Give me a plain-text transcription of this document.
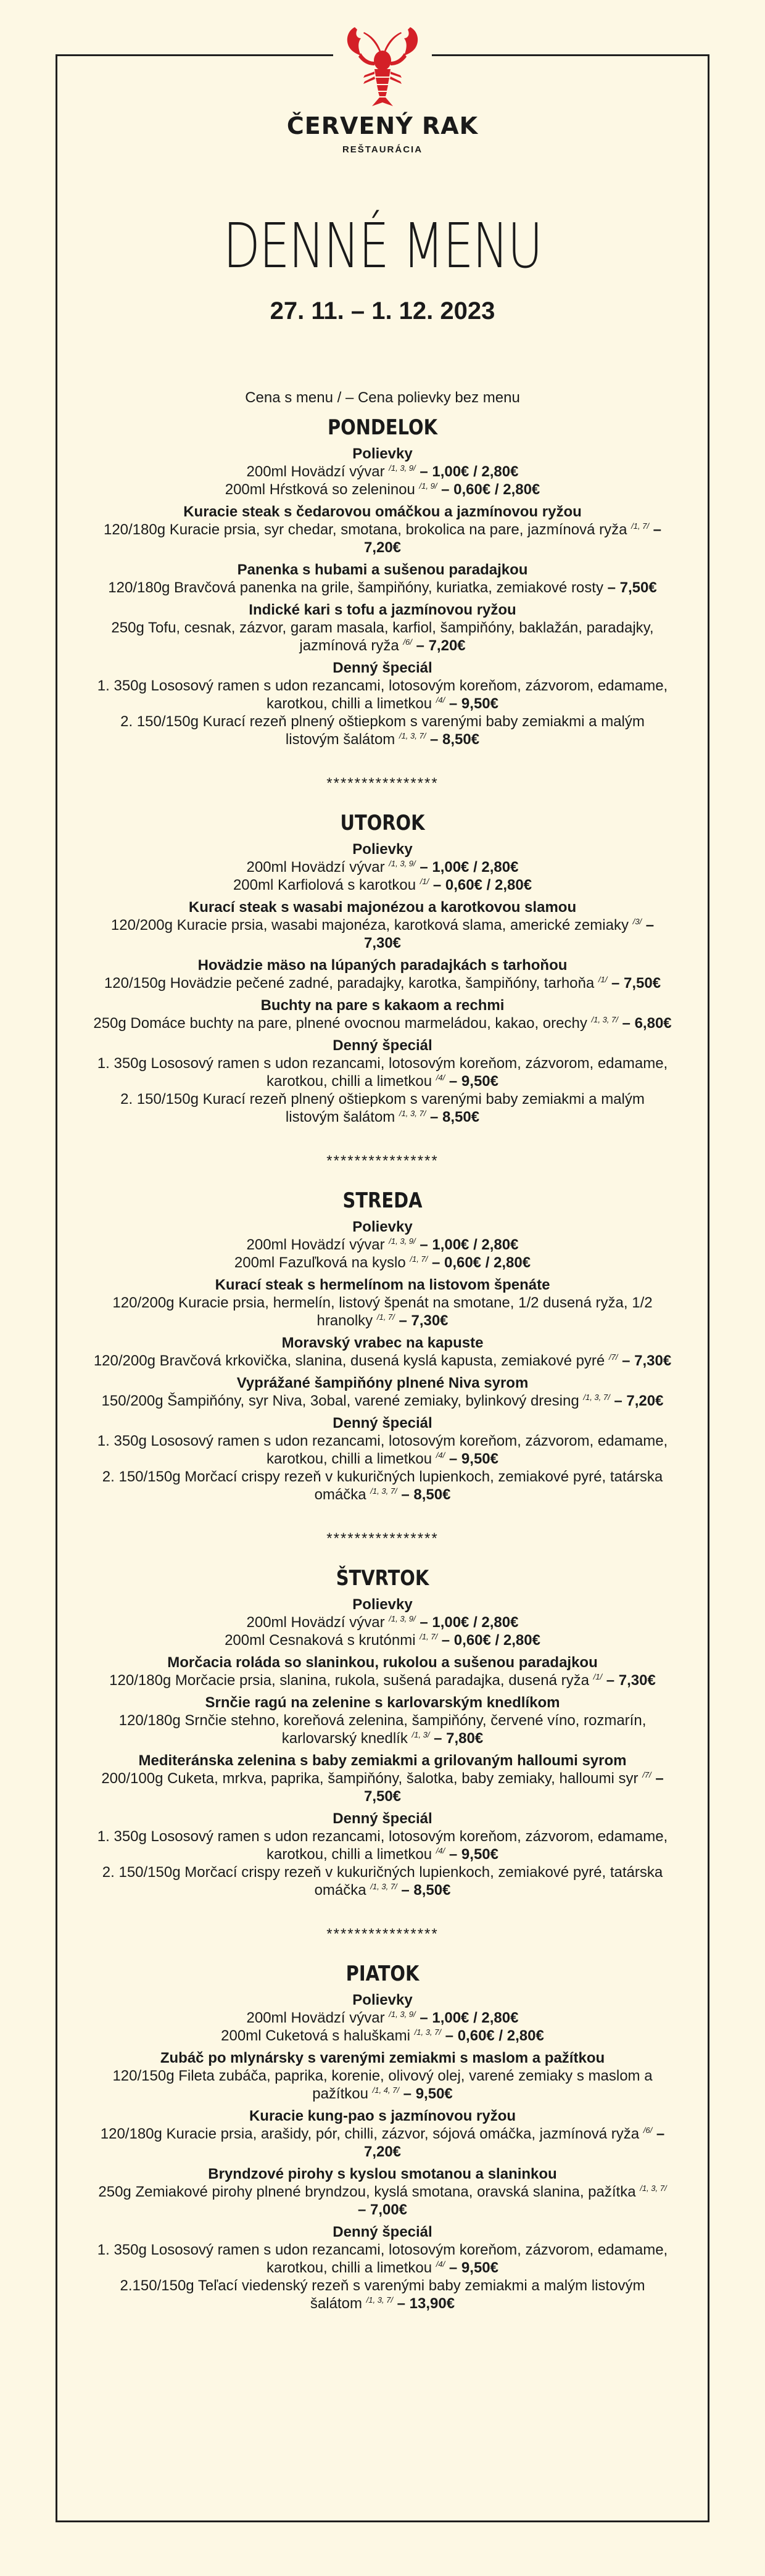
ČERVENÝ RAK
REŠTAURÁCIA
DENNÉ MENU
27. 11. – 1. 12. 2023
Cena s menu / – Cena polievky bez menu
PONDELOK
Polievky
200ml Hovädzí vývar $^{/1, 3, 9/}$ – 1,00€ / 2,80€
200ml Hŕstková so zeleninou $^{/1, 9/}$ – 0,60€ / 2,80€
Kuracie steak s čedarovou omáčkou a jazmínovou ryžou
120/180g Kuracie prsia, syr chedar, smotana, brokolica na pare, jazmínová ryža $^{/1, 7/}$ – 7,20€
Panenka s hubami a sušenou paradajkou
120/180g Bravčová panenka na grile, šampiňóny, kuriatka, zemiakové rosty – 7,50€
Indické kari s tofu a jazmínovou ryžou
250g Tofu, cesnak, zázvor, garam masala, karfiol, šampiňóny, baklažán, paradajky, jazmínová ryža $^{/6/}$ – 7,20€
Denný špeciál
1. 350g Lososový ramen s udon rezancami, lotosovým koreňom, zázvorom, edamame, karotkou, chilli a limetkou $^{/4/}$ – 9,50€
2. 150/150g Kurací rezeň plnený oštiepkom s varenými baby zemiakmi a malým listovým šalátom $^{/1, 3, 7/}$ – 8,50€
****************
UTOROK
Polievky
200ml Hovädzí vývar $^{/1, 3, 9/}$ – 1,00€ / 2,80€
200ml Karfiolová s karotkou $^{/1/}$ – 0,60€ / 2,80€
Kurací steak s wasabi majonézou a karotkovou slamou
120/200g Kuracie prsia, wasabi majonéza, karotková slama, americké zemiaky $^{/3/}$ – 7,30€
Hovädzie mäso na lúpaných paradajkách s tarhoňou
120/150g Hovädzie pečené zadné, paradajky, karotka, šampiňóny, tarhoňa $^{/1/}$ – 7,50€
Buchty na pare s kakaom a rechmi
250g Domáce buchty na pare, plnené ovocnou marmeládou, kakao, orechy $^{/1, 3, 7/}$ – 6,80€
Denný špeciál
1. 350g Lososový ramen s udon rezancami, lotosovým koreňom, zázvorom, edamame, karotkou, chilli a limetkou $^{/4/}$ – 9,50€
2. 150/150g Kurací rezeň plnený oštiepkom s varenými baby zemiakmi a malým listovým šalátom $^{/1, 3, 7/}$ – 8,50€
****************
STREDA
Polievky
200ml Hovädzí vývar $^{/1, 3, 9/}$ – 1,00€ / 2,80€
200ml Fazuľková na kyslo $^{/1, 7/}$ – 0,60€ / 2,80€
Kurací steak s hermelínom na listovom špenáte
120/200g Kuracie prsia, hermelín, listový špenát na smotane, 1/2 dusená ryža, 1/2 hranolky $^{/1, 7/}$ – 7,30€
Moravský vrabec na kapuste
120/200g Bravčová krkovička, slanina, dusená kyslá kapusta, zemiakové pyré $^{/7/}$ – 7,30€
Vyprážané šampiňóny plnené Niva syrom
150/200g Šampiňóny, syr Niva, 3obal, varené zemiaky, bylinkový dresing $^{/1, 3, 7/}$ – 7,20€
Denný špeciál
1. 350g Lososový ramen s udon rezancami, lotosovým koreňom, zázvorom, edamame, karotkou, chilli a limetkou $^{/4/}$ – 9,50€
2. 150/150g Morčací crispy rezeň v kukuričných lupienkoch, zemiakové pyré, tatárska omáčka $^{/1, 3, 7/}$ – 8,50€
****************
ŠTVRTOK
Polievky
200ml Hovädzí vývar $^{/1, 3, 9/}$ – 1,00€ / 2,80€
200ml Cesnaková s krutónmi $^{/1, 7/}$ – 0,60€ / 2,80€
Morčacia roláda so slaninkou, rukolou a sušenou paradajkou
120/180g Morčacie prsia, slanina, rukola, sušená paradajka, dusená ryža $^{/1/}$ – 7,30€
Srnčie ragú na zelenine s karlovarským knedlíkom
120/180g Srnčie stehno, koreňová zelenina, šampiňóny, červené víno, rozmarín, karlovarský knedlík $^{/1, 3/}$ – 7,80€
Mediteránska zelenina s baby zemiakmi a grilovaným halloumi syrom
200/100g Cuketa, mrkva, paprika, šampiňóny, šalotka, baby zemiaky, halloumi syr $^{/7/}$ – 7,50€
Denný špeciál
1. 350g Lososový ramen s udon rezancami, lotosovým koreňom, zázvorom, edamame, karotkou, chilli a limetkou $^{/4/}$ – 9,50€
2. 150/150g Morčací crispy rezeň v kukuričných lupienkoch, zemiakové pyré, tatárska omáčka $^{/1, 3, 7/}$ – 8,50€
****************
PIATOK
Polievky
200ml Hovädzí vývar $^{/1, 3, 9/}$ – 1,00€ / 2,80€
200ml Cuketová s haluškami $^{/1, 3, 7/}$ – 0,60€ / 2,80€
Zubáč po mlynársky s varenými zemiakmi s maslom a pažítkou
120/150g Fileta zubáča, paprika, korenie, olivový olej, varené zemiaky s maslom a pažítkou $^{/1, 4, 7/}$ – 9,50€
Kuracie kung-pao s jazmínovou ryžou
120/180g Kuracie prsia, arašidy, pór, chilli, zázvor, sójová omáčka, jazmínová ryža $^{/6/}$ – 7,20€
Bryndzové pirohy s kyslou smotanou a slaninkou
250g Zemiakové pirohy plnené bryndzou, kyslá smotana, oravská slanina, pažítka $^{/1, 3, 7/}$ – 7,00€
Denný špeciál
1. 350g Lososový ramen s udon rezancami, lotosovým koreňom, zázvorom, edamame, karotkou, chilli a limetkou $^{/4/}$ – 9,50€
2.150/150g Teľací viedenský rezeň s varenými baby zemiakmi a malým listovým šalátom $^{/1, 3, 7/}$ – 13,90€
